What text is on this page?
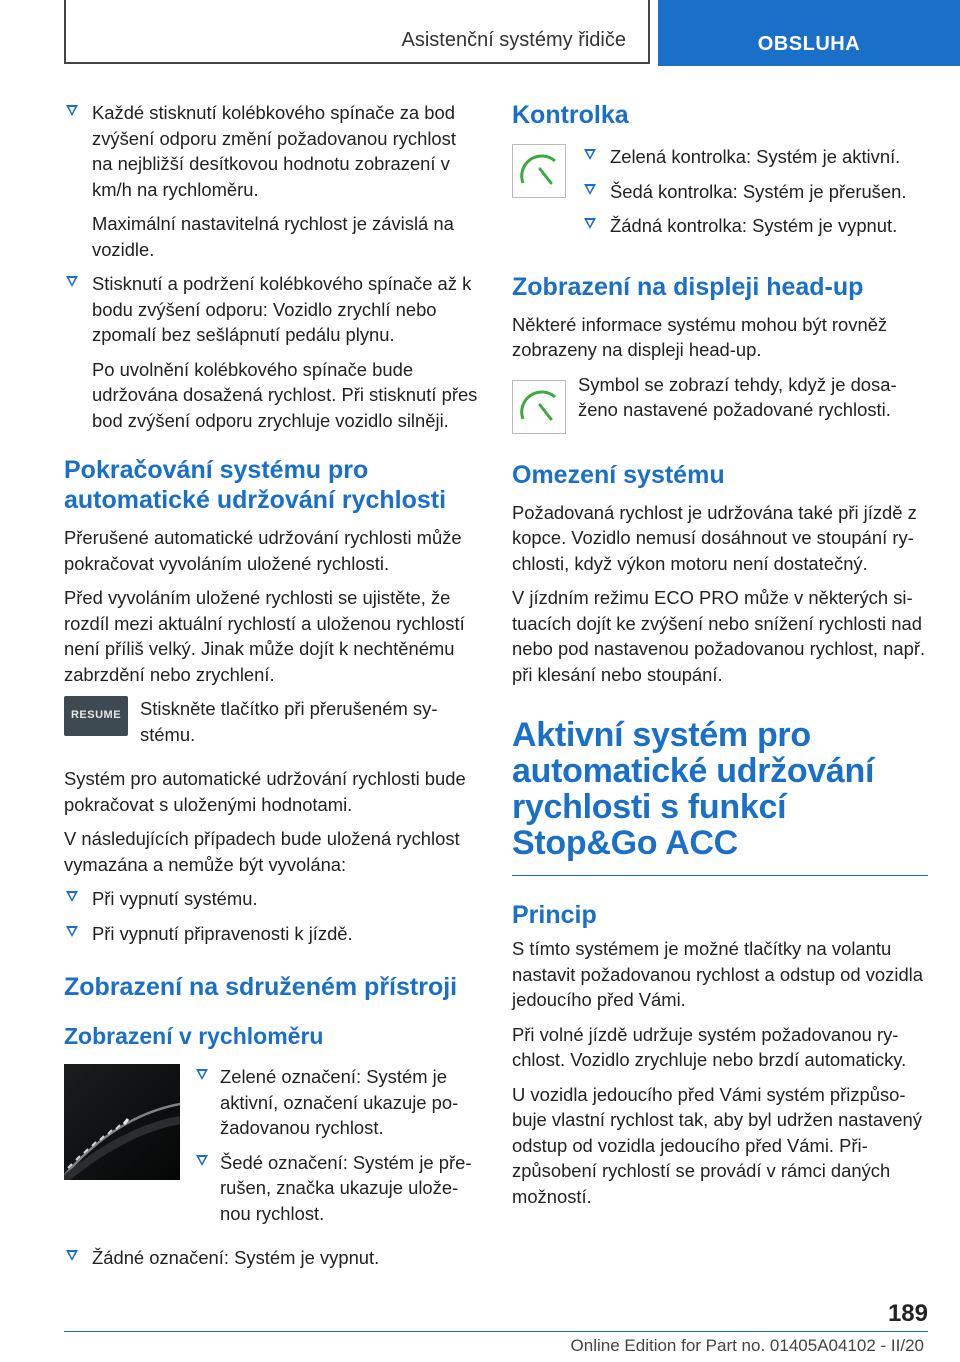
Asistenční systémy řidiče	OBSLUHA

Každé stisknutí kolébkového spínače za bod zvýšení odporu změní požadovanou rychlost na nejbližší desítkovou hodnotu zobrazení v km/h na rychloměru.

Maximální nastavitelná rychlost je závislá na vozidle.

Stisknutí a podržení kolébkového spínače až k bodu zvýšení odporu: Vozidlo zrychlí nebo zpomalí bez sešlápnutí pedálu plynu.

Po uvolnění kolébkového spínače bude udržována dosažená rychlost. Při stisknutí přes bod zvýšení odporu zrychluje vozidlo silněji.

Pokračování systému pro automatické udržování rychlosti

Přerušené automatické udržování rychlosti může pokračovat vyvoláním uložené rychlosti.

Před vyvoláním uložené rychlosti se ujistěte, že rozdíl mezi aktuální rychlostí a uloženou rychlostí není příliš velký. Jinak může dojít k nechtěnému zabrzdění nebo zrychlení.

RESUME	Stiskněte tlačítko při přerušeném systému.

Systém pro automatické udržování rychlosti bude pokračovat s uloženými hodnotami.

V následujících případech bude uložená rychlost vymazána a nemůže být vyvolána:

Při vypnutí systému.

Při vypnutí připravenosti k jízdě.

Zobrazení na sdruženém přístroji
Zobrazení v rychloměru

Zelené označení: Systém je aktivní, označení ukazuje požadovanou rychlost.

Šedé označení: Systém je přerušen, značka ukazuje uloženou rychlost.

Žádné označení: Systém je vypnut.

Kontrolka

Zelená kontrolka: Systém je aktivní.

Šedá kontrolka: Systém je přerušen.

Žádná kontrolka: Systém je vypnut.

Zobrazení na displeji head-up

Některé informace systému mohou být rovněž zobrazeny na displeji head-up.

Symbol se zobrazí tehdy, když je dosaženo nastavené požadované rychlosti.

Omezení systému

Požadovaná rychlost je udržována také při jízdě z kopce. Vozidlo nemusí dosáhnout ve stoupání rychlosti, když výkon motoru není dostatečný.

V jízdním režimu ECO PRO může v některých situacích dojít ke zvýšení nebo snížení rychlosti nad nebo pod nastavenou požadovanou rychlost, např. při klesání nebo stoupání.

Aktivní systém pro automatické udržování rychlosti s funkcí Stop&Go ACC
Princip

S tímto systémem je možné tlačítky na volantu nastavit požadovanou rychlost a odstup od vozidla jedoucího před Vámi.

Při volné jízdě udržuje systém požadovanou rychlost. Vozidlo zrychluje nebo brzdí automaticky.

U vozidla jedoucího před Vámi systém přizpůsobuje vlastní rychlost tak, aby byl udržen nastavený odstup od vozidla jedoucího před Vámi. Přizpůsobení rychlostí se provádí v rámci daných možností.

189
Online Edition for Part no. 01405A04102 - II/20
